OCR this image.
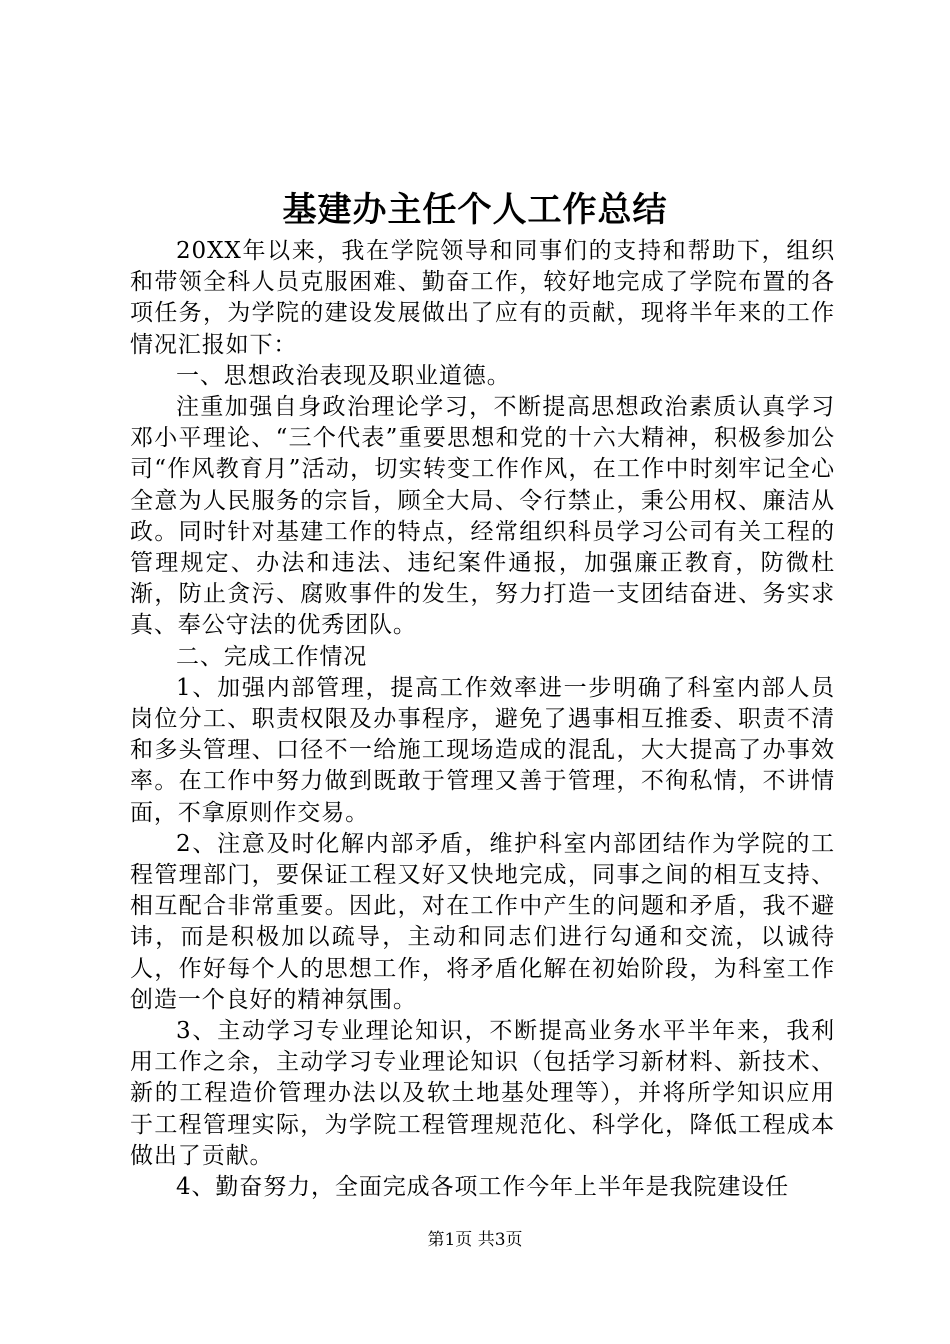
基建办主任个人工作总结

20XX年以来，我在学院领导和同事们的支持和帮助下，组织和带领全科人员克服困难、勤奋工作，较好地完成了学院布置的各项任务，为学院的建设发展做出了应有的贡献，现将半年来的工作情况汇报如下：

一、思想政治表现及职业道德。

注重加强自身政治理论学习，不断提高思想政治素质认真学习邓小平理论、“三个代表”重要思想和党的十六大精神，积极参加公司“作风教育月”活动，切实转变工作作风，在工作中时刻牢记全心全意为人民服务的宗旨，顾全大局、令行禁止，秉公用权、廉洁从政。同时针对基建工作的特点，经常组织科员学习公司有关工程的管理规定、办法和违法、违纪案件通报，加强廉正教育，防微杜渐，防止贪污、腐败事件的发生，努力打造一支团结奋进、务实求真、奉公守法的优秀团队。

二、完成工作情况

1、加强内部管理，提高工作效率进一步明确了科室内部人员岗位分工、职责权限及办事程序，避免了遇事相互推委、职责不清和多头管理、口径不一给施工现场造成的混乱，大大提高了办事效率。在工作中努力做到既敢于管理又善于管理，不徇私情，不讲情面，不拿原则作交易。

2、注意及时化解内部矛盾，维护科室内部团结作为学院的工程管理部门，要保证工程又好又快地完成，同事之间的相互支持、相互配合非常重要。因此，对在工作中产生的问题和矛盾，我不避讳，而是积极加以疏导，主动和同志们进行勾通和交流，以诚待人，作好每个人的思想工作，将矛盾化解在初始阶段，为科室工作创造一个良好的精神氛围。

3、主动学习专业理论知识，不断提高业务水平半年来，我利用工作之余，主动学习专业理论知识（包括学习新材料、新技术、新的工程造价管理办法以及软土地基处理等），并将所学知识应用于工程管理实际，为学院工程管理规范化、科学化，降低工程成本做出了贡献。

4、勤奋努力，全面完成各项工作今年上半年是我院建设任

第1页 共3页
